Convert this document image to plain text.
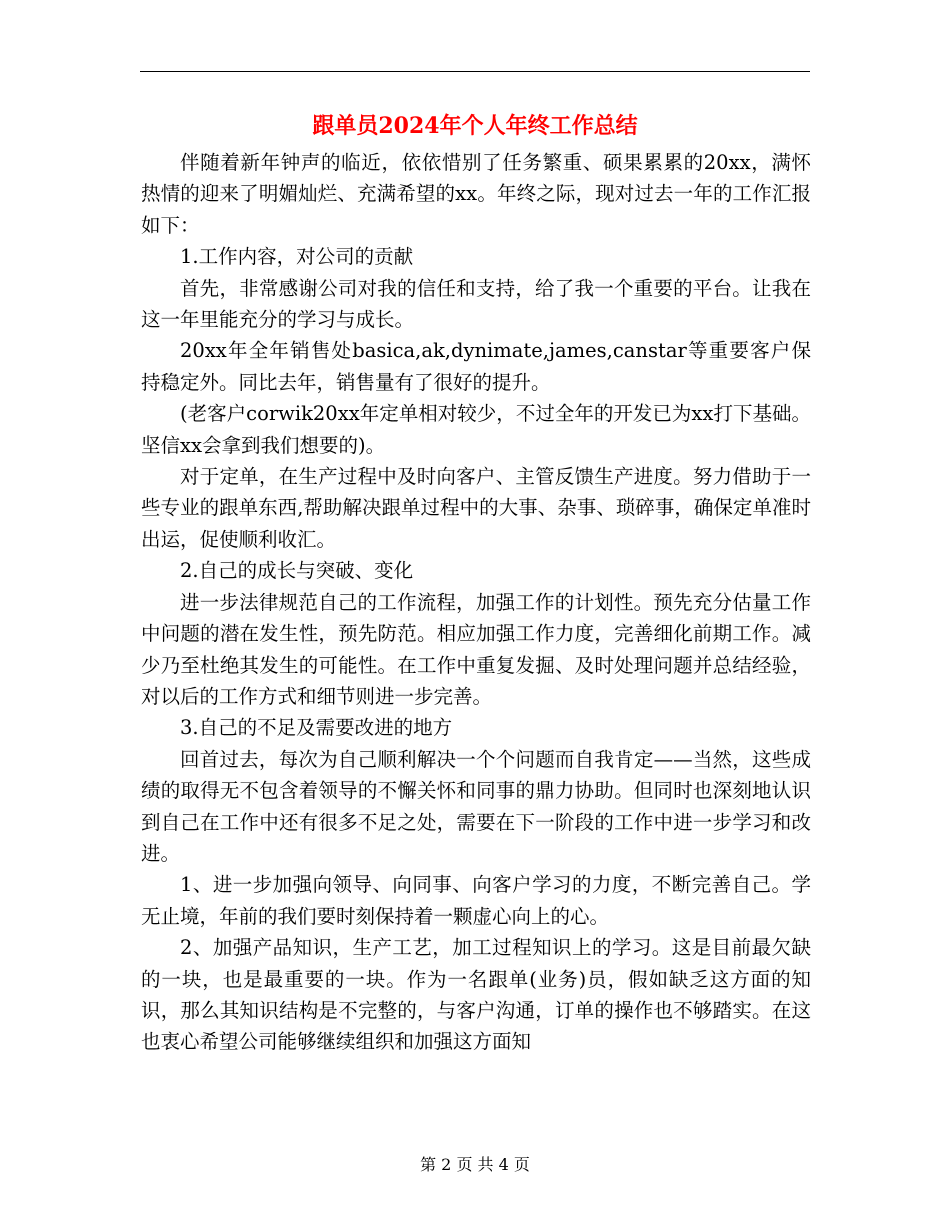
跟单员2024年个人年终工作总结

伴随着新年钟声的临近，依依惜别了任务繁重、硕果累累的20xx，满怀热情的迎来了明媚灿烂、充满希望的xx。年终之际，现对过去一年的工作汇报如下：

1.工作内容，对公司的贡献

首先，非常感谢公司对我的信任和支持，给了我一个重要的平台。让我在这一年里能充分的学习与成长。

20xx年全年销售处basica,ak,dynimate,james,canstar等重要客户保持稳定外。同比去年，销售量有了很好的提升。

(老客户corwik20xx年定单相对较少，不过全年的开发已为xx打下基础。坚信xx会拿到我们想要的)。

对于定单，在生产过程中及时向客户、主管反馈生产进度。努力借助于一些专业的跟单东西,帮助解决跟单过程中的大事、杂事、琐碎事，确保定单准时出运，促使顺利收汇。

2.自己的成长与突破、变化

进一步法律规范自己的工作流程，加强工作的计划性。预先充分估量工作中问题的潜在发生性，预先防范。相应加强工作力度，完善细化前期工作。减少乃至杜绝其发生的可能性。在工作中重复发掘、及时处理问题并总结经验，对以后的工作方式和细节则进一步完善。

3.自己的不足及需要改进的地方

回首过去，每次为自己顺利解决一个个问题而自我肯定——当然，这些成绩的取得无不包含着领导的不懈关怀和同事的鼎力协助。但同时也深刻地认识到自己在工作中还有很多不足之处，需要在下一阶段的工作中进一步学习和改进。

1、进一步加强向领导、向同事、向客户学习的力度，不断完善自己。学无止境，年前的我们要时刻保持着一颗虚心向上的心。

2、加强产品知识，生产工艺，加工过程知识上的学习。这是目前最欠缺的一块，也是最重要的一块。作为一名跟单(业务)员，假如缺乏这方面的知识，那么其知识结构是不完整的，与客户沟通，订单的操作也不够踏实。在这也衷心希望公司能够继续组织和加强这方面知

第 2 页 共 4 页
